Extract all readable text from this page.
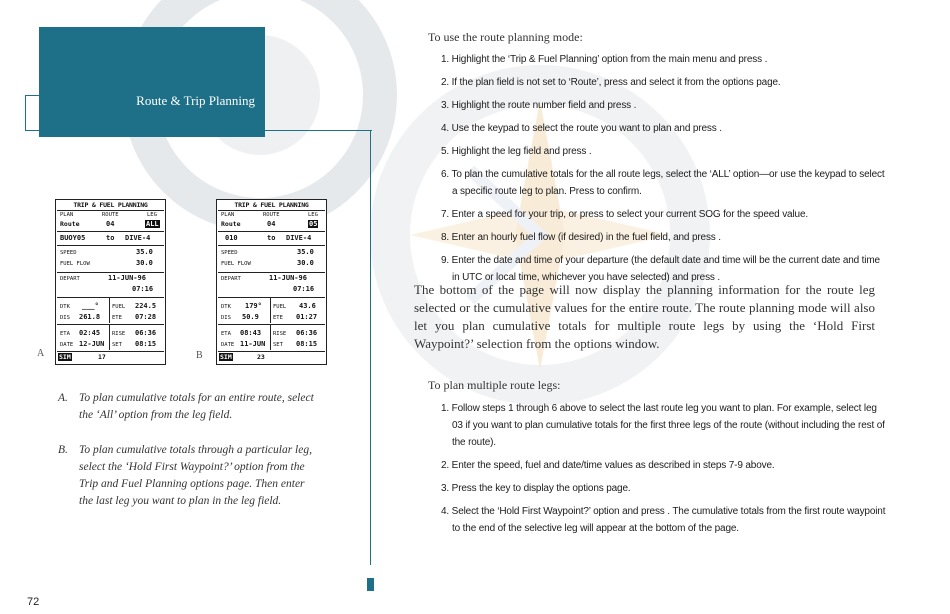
Route & Trip Planning
TRIP & FUEL PLANNING
PLAN	ROUTE	LEG
Route	04	ALL
BUOY05	to DIVE-4
SPEED	35.0
FUEL FLOW	30.0
DEPART	11-JUN-96
07:16
DTK ___° FUEL 224.5
DIS 261.8 ETE 07:28
ETA 02:45 RISE 06:36
DATE 12-JUN SET 08:15
SIM	17
A
TRIP & FUEL PLANNING
PLAN	ROUTE	LEG
Route	04	05
010	to DIVE-4
SPEED	35.0
FUEL FLOW	30.0
DEPART	11-JUN-96
07:16
DTK 179° FUEL 43.6
DIS 50.9	ETE 01:27
ETA 08:43 RISE 06:36
DATE 11-JUN SET 08:15
SIM	23
B
A. To plan cumulative totals for an entire route, select the ‘All’ option from the leg field.
B. To plan cumulative totals through a particular leg, select the ‘Hold First Waypoint?’ option from the Trip and Fuel Planning options page. Then enter the last leg you want to plan in the leg field.
72
To use the route planning mode:
1. Highlight the ‘Trip & Fuel Planning’ option from the main menu and press .
2. If the plan field is not set to ‘Route’, press and select it from the options page.
3. Highlight the route number field and press .
4. Use the keypad to select the route you want to plan and press .
5. Highlight the leg field and press .
6. To plan the cumulative totals for the all route legs, select the ‘ALL’ option—or use the keypad to select a specific route leg to plan. Press to confirm.
7. Enter a speed for your trip, or press to select your current SOG for the speed value.
8. Enter an hourly fuel flow (if desired) in the fuel field, and press .
9. Enter the date and time of your departure (the default date and time will be the current date and time in UTC or local time, whichever you have selected) and press .

The bottom of the page will now display the planning information for the route leg selected or the cumulative values for the entire route. The route planning mode will also let you plan cumulative totals for multiple route legs by using the ‘Hold First Waypoint?’ selection from the options window.

To plan multiple route legs:
1. Follow steps 1 through 6 above to select the last route leg you want to plan. For example, select leg 03 if you want to plan cumulative totals for the first three legs of the route (without including the rest of the route).
2. Enter the speed, fuel and date/time values as described in steps 7-9 above.
3. Press the key to display the options page.
4. Select the ‘Hold First Waypoint?’ option and press . The cumulative totals from the first route waypoint to the end of the selective leg will appear at the bottom of the page.
